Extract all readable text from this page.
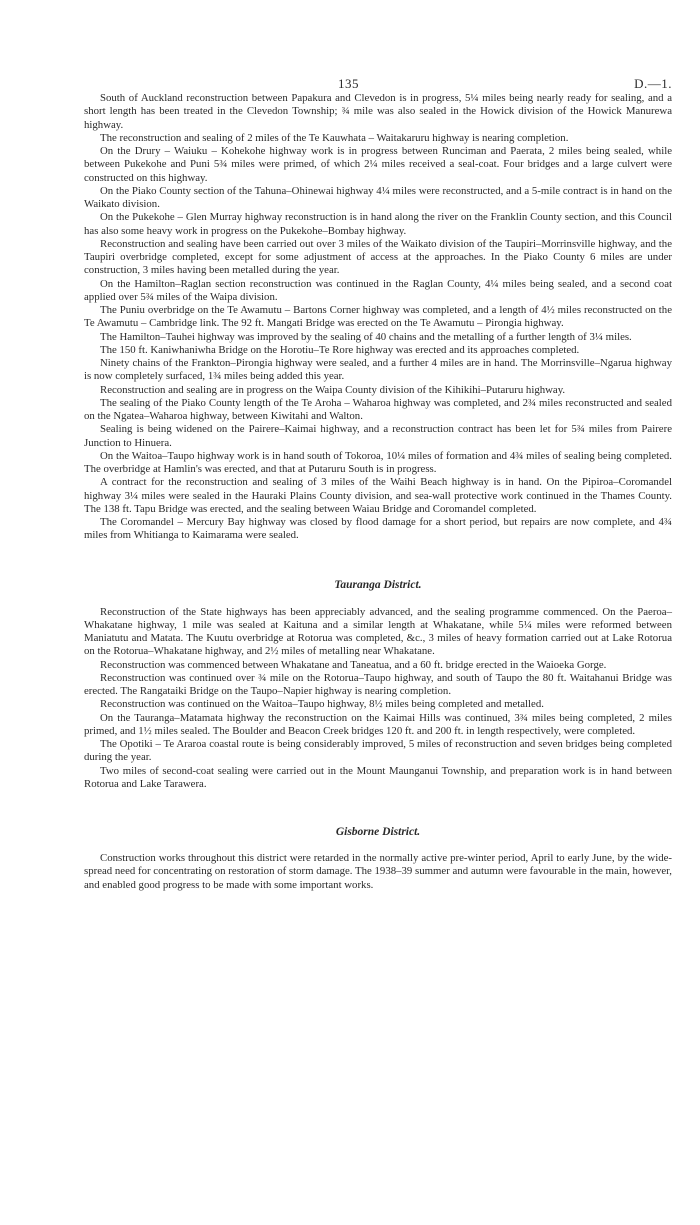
135	D.—1.

South of Auckland reconstruction between Papakura and Clevedon is in progress, 5¼ miles being nearly ready for sealing, and a short length has been treated in the Clevedon Township; ¾ mile was also sealed in the Howick division of the Howick Manurewa highway.

The reconstruction and sealing of 2 miles of the Te Kauwhata – Waitakaruru highway is nearing completion.

On the Drury – Waiuku – Kohekohe highway work is in progress between Runciman and Paerata, 2 miles being sealed, while between Pukekohe and Puni 5¾ miles were primed, of which 2¼ miles received a seal-coat. Four bridges and a large culvert were constructed on this highway.

On the Piako County section of the Tahuna–Ohinewai highway 4¼ miles were reconstructed, and a 5-mile contract is in hand on the Waikato division.

On the Pukekohe – Glen Murray highway reconstruction is in hand along the river on the Franklin County section, and this Council has also some heavy work in progress on the Pukekohe–Bombay highway.

Reconstruction and sealing have been carried out over 3 miles of the Waikato division of the Taupiri–Morrinsville highway, and the Taupiri overbridge completed, except for some adjustment of access at the approaches. In the Piako County 6 miles are under construction, 3 miles having been metalled during the year.

On the Hamilton–Raglan section reconstruction was continued in the Raglan County, 4¼ miles being sealed, and a second coat applied over 5¾ miles of the Waipa division.

The Puniu overbridge on the Te Awamutu – Bartons Corner highway was completed, and a length of 4½ miles reconstructed on the Te Awamutu – Cambridge link. The 92 ft. Mangati Bridge was erected on the Te Awamutu – Pirongia highway.

The Hamilton–Tauhei highway was improved by the sealing of 40 chains and the metalling of a further length of 3¼ miles.

The 150 ft. Kaniwhaniwha Bridge on the Horotiu–Te Rore highway was erected and its approaches completed.

Ninety chains of the Frankton–Pirongia highway were sealed, and a further 4 miles are in hand. The Morrinsville–Ngarua highway is now completely surfaced, 1¾ miles being added this year.

Reconstruction and sealing are in progress on the Waipa County division of the Kihikihi–Putaruru highway.

The sealing of the Piako County length of the Te Aroha – Waharoa highway was completed, and 2¾ miles reconstructed and sealed on the Ngatea–Waharoa highway, between Kiwitahi and Walton.

Sealing is being widened on the Pairere–Kaimai highway, and a reconstruction contract has been let for 5¾ miles from Pairere Junction to Hinuera.

On the Waitoa–Taupo highway work is in hand south of Tokoroa, 10¼ miles of formation and 4¾ miles of sealing being completed. The overbridge at Hamlin's was erected, and that at Putaruru South is in progress.

A contract for the reconstruction and sealing of 3 miles of the Waihi Beach highway is in hand. On the Pipiroa–Coromandel highway 3¼ miles were sealed in the Hauraki Plains County division, and sea-wall protective work continued in the Thames County. The 138 ft. Tapu Bridge was erected, and the sealing between Waiau Bridge and Coromandel completed.

The Coromandel – Mercury Bay highway was closed by flood damage for a short period, but repairs are now complete, and 4¾ miles from Whitianga to Kaimarama were sealed.

Tauranga District.

Reconstruction of the State highways has been appreciably advanced, and the sealing programme commenced. On the Paeroa–Whakatane highway, 1 mile was sealed at Kaituna and a similar length at Whakatane, while 5¼ miles were reformed between Maniatutu and Matata. The Kuutu overbridge at Rotorua was completed, &c., 3 miles of heavy formation carried out at Lake Rotorua on the Rotorua–Whakatane highway, and 2½ miles of metalling near Whakatane.

Reconstruction was commenced between Whakatane and Taneatua, and a 60 ft. bridge erected in the Waioeka Gorge.

Reconstruction was continued over ¾ mile on the Rotorua–Taupo highway, and south of Taupo the 80 ft. Waitahanui Bridge was erected. The Rangataiki Bridge on the Taupo–Napier highway is nearing completion.

Reconstruction was continued on the Waitoa–Taupo highway, 8½ miles being completed and metalled.

On the Tauranga–Matamata highway the reconstruction on the Kaimai Hills was continued, 3¾ miles being completed, 2 miles primed, and 1½ miles sealed. The Boulder and Beacon Creek bridges 120 ft. and 200 ft. in length respectively, were completed.

The Opotiki – Te Araroa coastal route is being considerably improved, 5 miles of reconstruction and seven bridges being completed during the year.

Two miles of second-coat sealing were carried out in the Mount Maunganui Township, and preparation work is in hand between Rotorua and Lake Tarawera.

Gisborne District.

Construction works throughout this district were retarded in the normally active pre-winter period, April to early June, by the wide-spread need for concentrating on restoration of storm damage. The 1938–39 summer and autumn were favourable in the main, however, and enabled good progress to be made with some important works.
